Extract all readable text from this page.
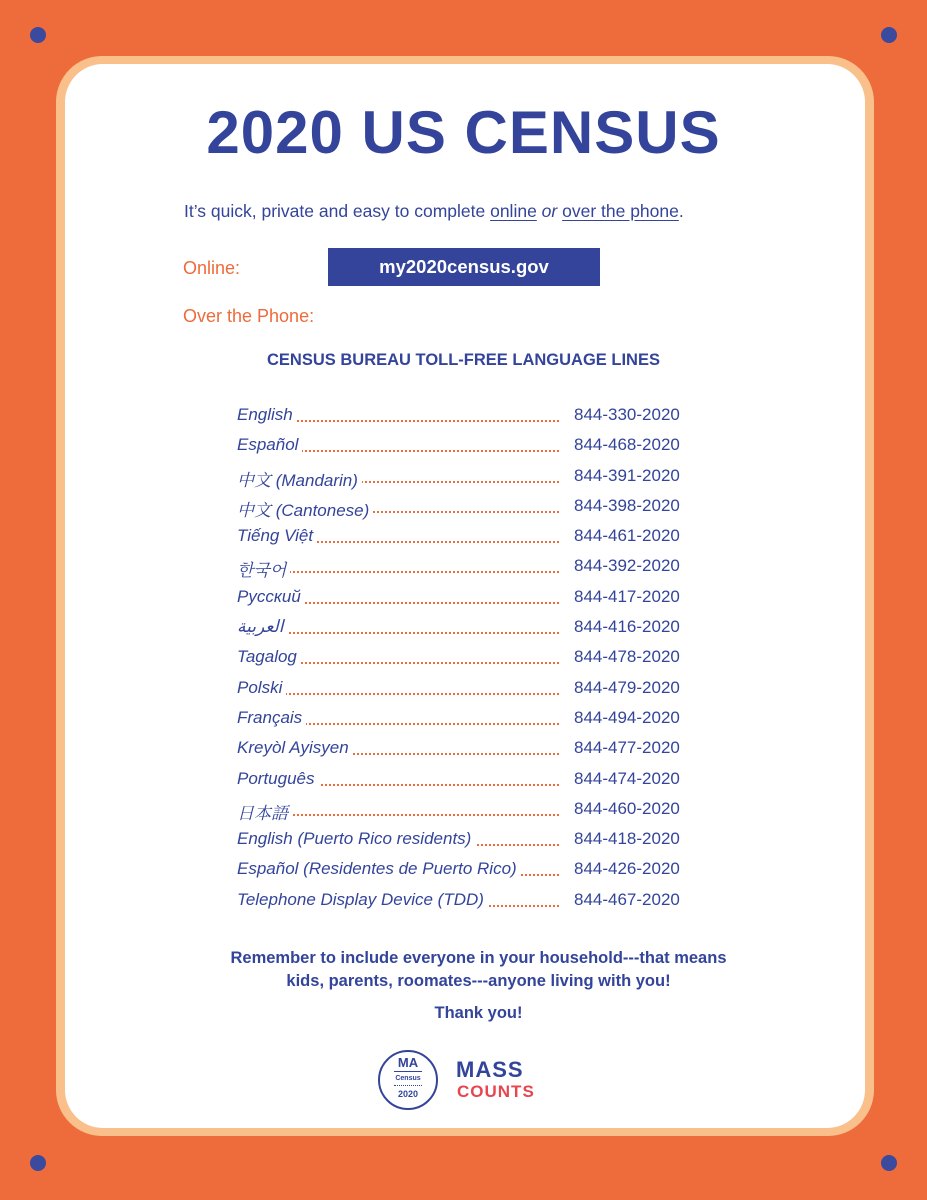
2020 US CENSUS
It’s quick, private and easy to complete online or over the phone.
Online:	my2020census.gov
Over the Phone:
CENSUS BUREAU TOLL-FREE LANGUAGE LINES
English	844-330-2020
Español	844-468-2020
中文 (Mandarin)	844-391-2020
中文 (Cantonese)	844-398-2020
Tiếng Việt	844-461-2020
한국어	844-392-2020
Русский	844-417-2020
العربية	844-416-2020
Tagalog	844-478-2020
Polski	844-479-2020
Français	844-494-2020
Kreyòl Ayisyen	844-477-2020
Português	844-474-2020
日本語	844-460-2020
English (Puerto Rico residents)	844-418-2020
Español (Residentes de Puerto Rico)	844-426-2020
Telephone Display Device (TDD)	844-467-2020
Remember to include everyone in your household---that means
kids, parents, roomates---anyone living with you!
Thank you!
MA
Census
2020
MASS
COUNTS
